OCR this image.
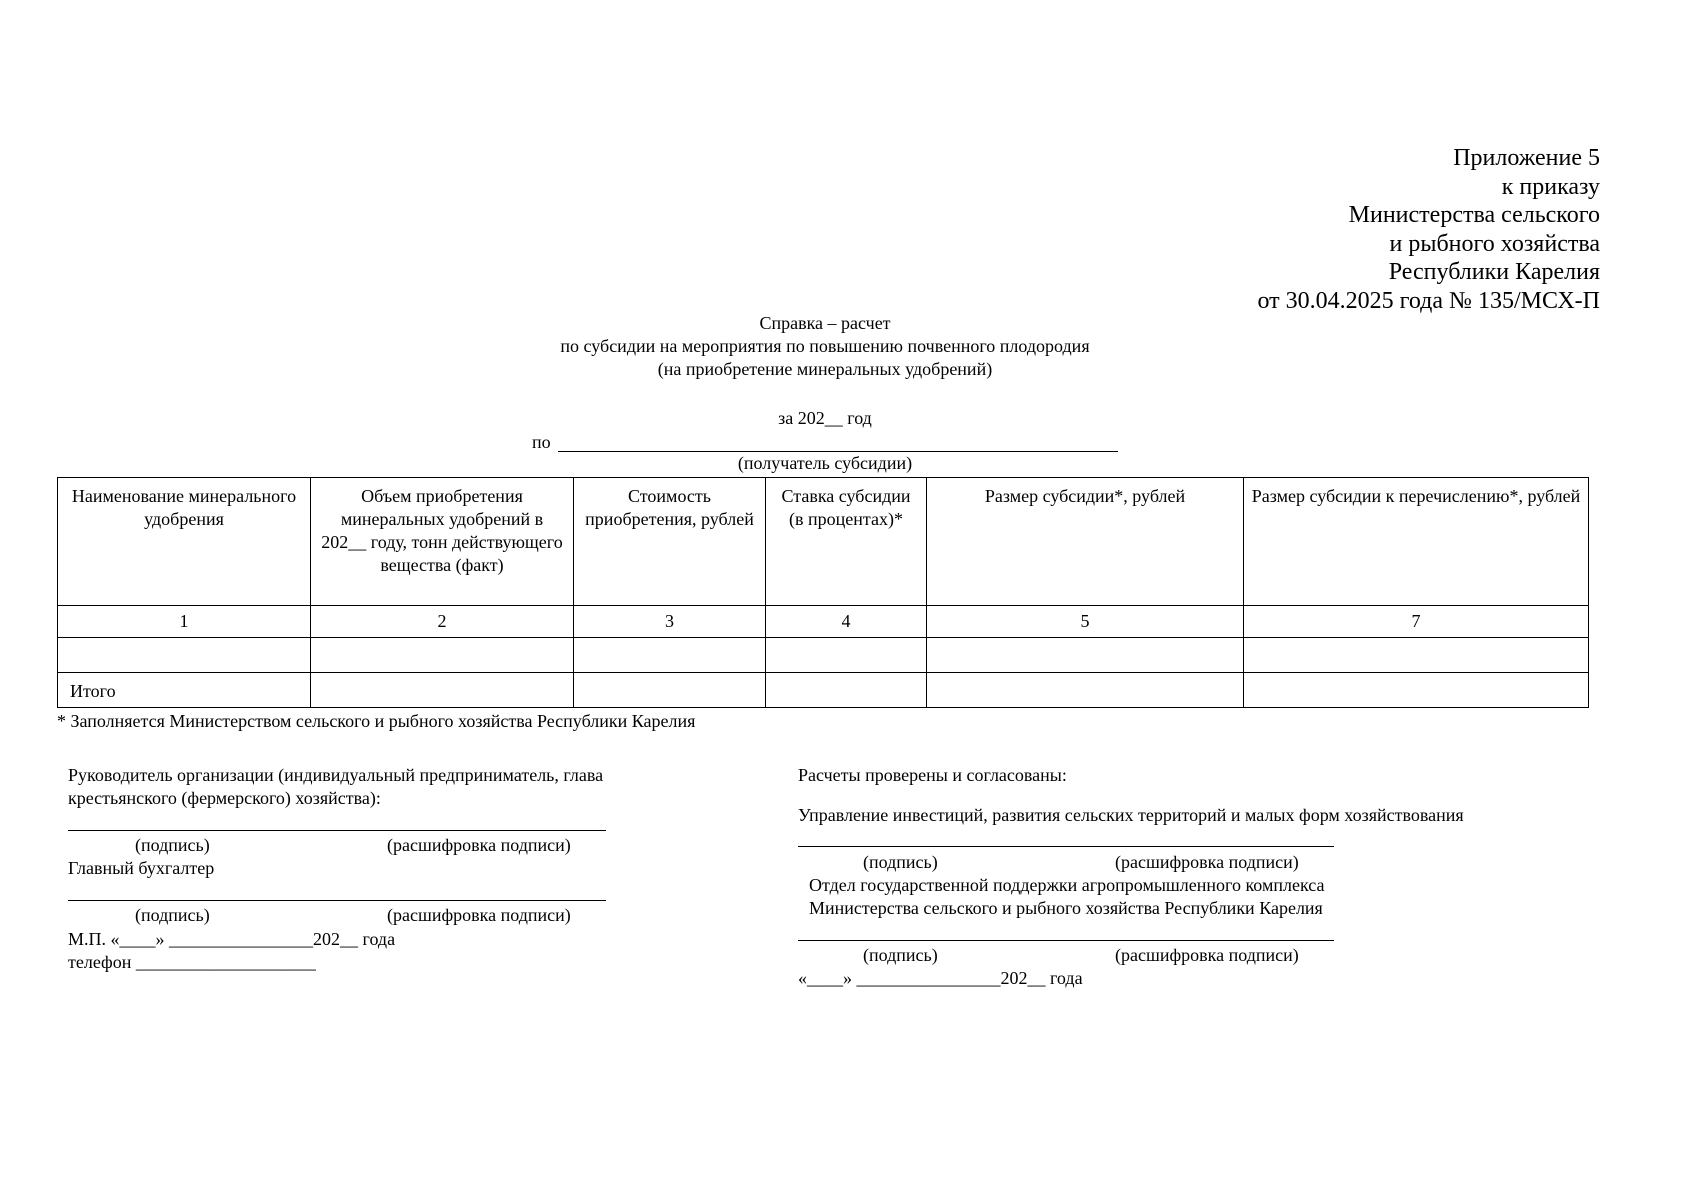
Приложение 5
к приказу
Министерства сельского
и рыбного хозяйства
Республики Карелия
от 30.04.2025 года № 135/МСХ-П
Справка – расчет
по субсидии на мероприятия по повышению почвенного плодородия
(на приобретение минеральных удобрений)
за 202__ год
по
(получатель субсидии)
Наименование минерального удобрения	Объем приобретения минеральных удобрений в 202__ году, тонн действующего вещества (факт)	Стоимость приобретения, рублей	Ставка субсидии (в процентах)*	Размер субсидии*, рублей	Размер субсидии к перечислению*, рублей
1	2	3	4	5	7

Итого					
* Заполняется Министерством сельского и рыбного хозяйства Республики Карелия
Руководитель организации (индивидуальный предприниматель, глава
крестьянского (фермерского) хозяйства):
(подпись)	(расшифровка подписи)
Главный бухгалтер
(подпись)	(расшифровка подписи)
М.П. «____» ________________202__ года
телефон ____________________
Расчеты проверены и согласованы:
Управление инвестиций, развития сельских территорий и малых форм хозяйствования
(подпись)	(расшифровка подписи)
Отдел государственной поддержки агропромышленного комплекса
Министерства сельского и рыбного хозяйства Республики Карелия
(подпись)	(расшифровка подписи)
«____» ________________202__ года
